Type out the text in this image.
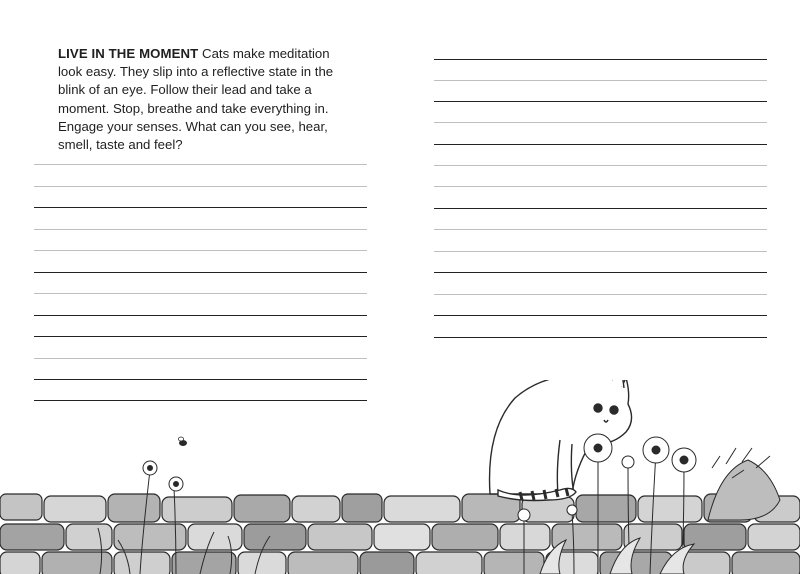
LIVE IN THE MOMENT Cats make meditation look easy. They slip into a reflective state in the blink of an eye. Follow their lead and take a moment. Stop, breathe and take everything in. Engage your senses. What can you see, hear, smell, taste and feel?
